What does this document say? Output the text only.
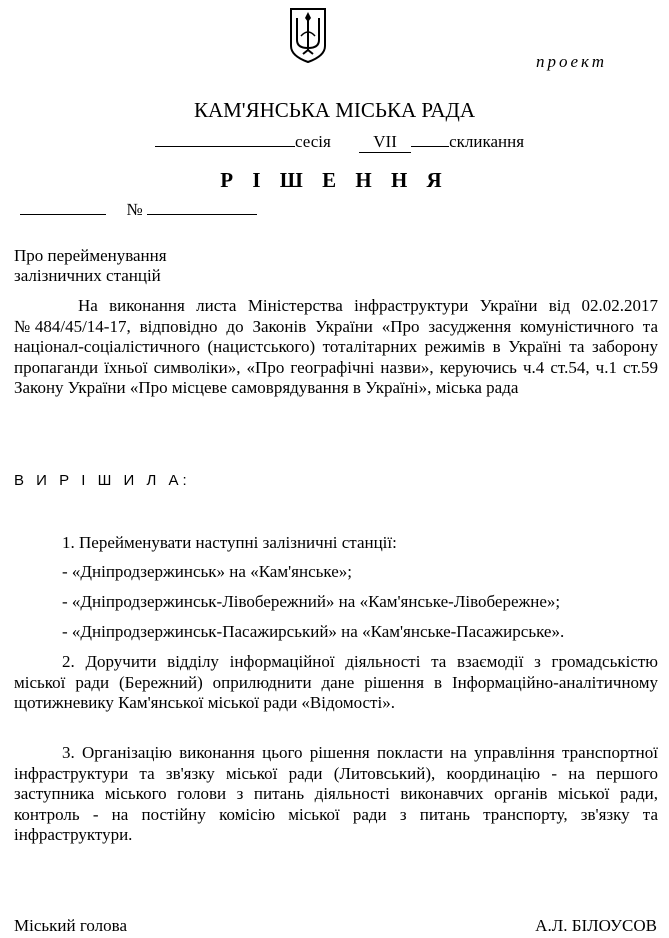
проект
КАМ'ЯНСЬКА МІСЬКА РАДА
сесія VII	скликання
Р І Ш Е Н Н Я
№
Про перейменування
залізничних станцій
На виконання листа Міністерства інфраструктури України від 02.02.2017 №484/45/14-17, відповідно до Законів України «Про засудження комуністичного та націонал-соціалістичного (нацистського) тоталітарних режимів в Україні та заборону пропаганди їхньої символіки», «Про географічні назви», керуючись ч.4 ст.54, ч.1 ст.59 Закону України «Про місцеве самоврядування в Україні», міська рада
В И Р І Ш И Л А:
1. Перейменувати наступні залізничні станції:
- «Дніпродзержинськ» на «Кам'янське»;
- «Дніпродзержинськ-Лівобережний» на «Кам'янське-Лівобережне»;
- «Дніпродзержинськ-Пасажирський» на «Кам'янське-Пасажирське».
2. Доручити відділу інформаційної діяльності та взаємодії з громадськістю міської ради (Бережний) оприлюднити дане рішення в Інформаційно-аналітичному щотижневику Кам'янської міської ради «Відомості».
3. Організацію виконання цього рішення покласти на управління транспортної інфраструктури та зв'язку міської ради (Литовський), координацію - на першого заступника міського голови з питань діяльності виконавчих органів міської ради, контроль - на постійну комісію міської ради з питань транспорту, зв'язку та інфраструктури.
Міський голова	А.Л. БІЛОУСОВ
